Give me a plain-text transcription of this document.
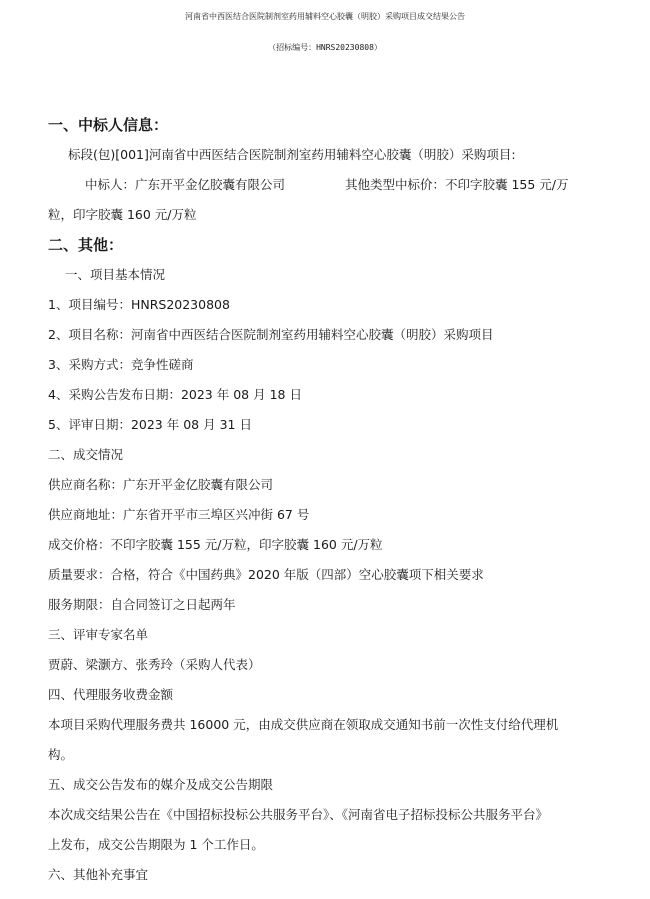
河南省中西医结合医院制剂室药用辅料空心胶囊（明胶）采购项目成交结果公告
（招标编号：HNRS20230808）
一、中标人信息：
标段(包)[001]河南省中西医结合医院制剂室药用辅料空心胶囊（明胶）采购项目:
中标人：广东开平金亿胶囊有限公司	其他类型中标价：不印字胶囊 155 元/万
粒，印字胶囊 160 元/万粒
二、其他：
一、项目基本情况
1、项目编号：HNRS20230808
2、项目名称：河南省中西医结合医院制剂室药用辅料空心胶囊（明胶）采购项目
3、采购方式：竞争性磋商
4、采购公告发布日期：2023 年 08 月 18 日
5、评审日期：2023 年 08 月 31 日
二、成交情况
供应商名称：广东开平金亿胶囊有限公司
供应商地址：广东省开平市三埠区兴冲街 67 号
成交价格：不印字胶囊 155 元/万粒，印字胶囊 160 元/万粒
质量要求：合格，符合《中国药典》2020 年版（四部）空心胶囊项下相关要求
服务期限：自合同签订之日起两年
三、评审专家名单
贾蔚、梁灏方、张秀玲（采购人代表）
四、代理服务收费金额
本项目采购代理服务费共 16000 元，由成交供应商在领取成交通知书前一次性支付给代理机
构。
五、成交公告发布的媒介及成交公告期限
本次成交结果公告在《中国招标投标公共服务平台》、《河南省电子招标投标公共服务平台》
上发布，成交公告期限为 1 个工作日。
六、其他补充事宜
